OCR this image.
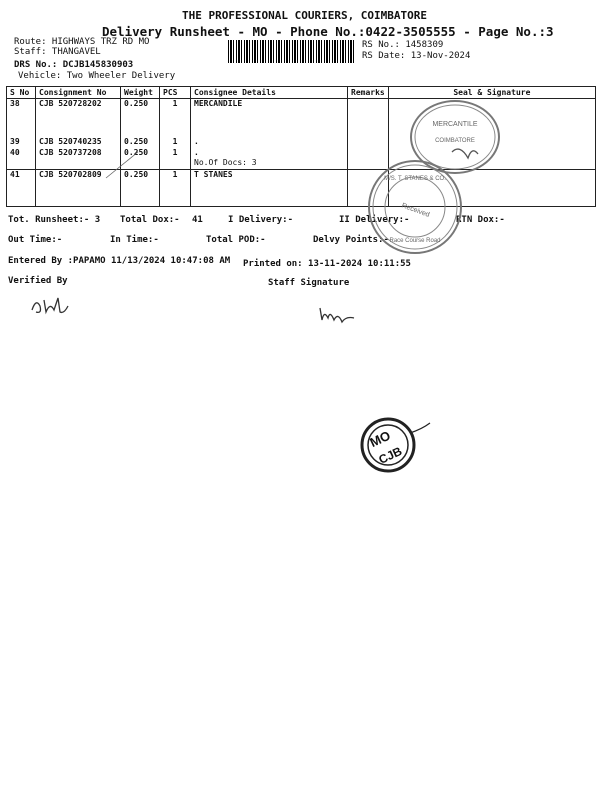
THE PROFESSIONAL COURIERS, COIMBATORE
Delivery Runsheet - MO - Phone No.:0422-3505555 - Page No.:3
Route: HIGHWAYS TRZ RD MO
Staff: THANGAVEL
DRS No.: DCJB145830903
Vehicle: Two Wheeler Delivery
RS No.: 1458309
RS Date: 13-Nov-2024
S No	Consignment No	Weight	PCS	Consignee Details	Remarks	Seal & Signature
38	CJB 520728202	0.250	1	MERCANDILE		
39	CJB 520740235	0.250	1	.		
40	CJB 520737208	0.250	1	.		
				No.Of Docs: 3		
41	CJB 520702809	0.250	1	T STANES		
Tot. Runsheet:- 3 Total Dox:- 41	I Delivery:-	II Delivery:-	RTN Dox:-
Out Time:-	In Time:-	Total POD:-	Delvy Points:-
Entered By :PAPAMO 11/13/2024 10:47:08 AM Printed on: 13-11-2024 10:11:55
Verified By	Staff Signature
MERCANTILE
COIMBATORE
M/S. T. STANES & CO.
Received
Race Course Road
MO
CJB
